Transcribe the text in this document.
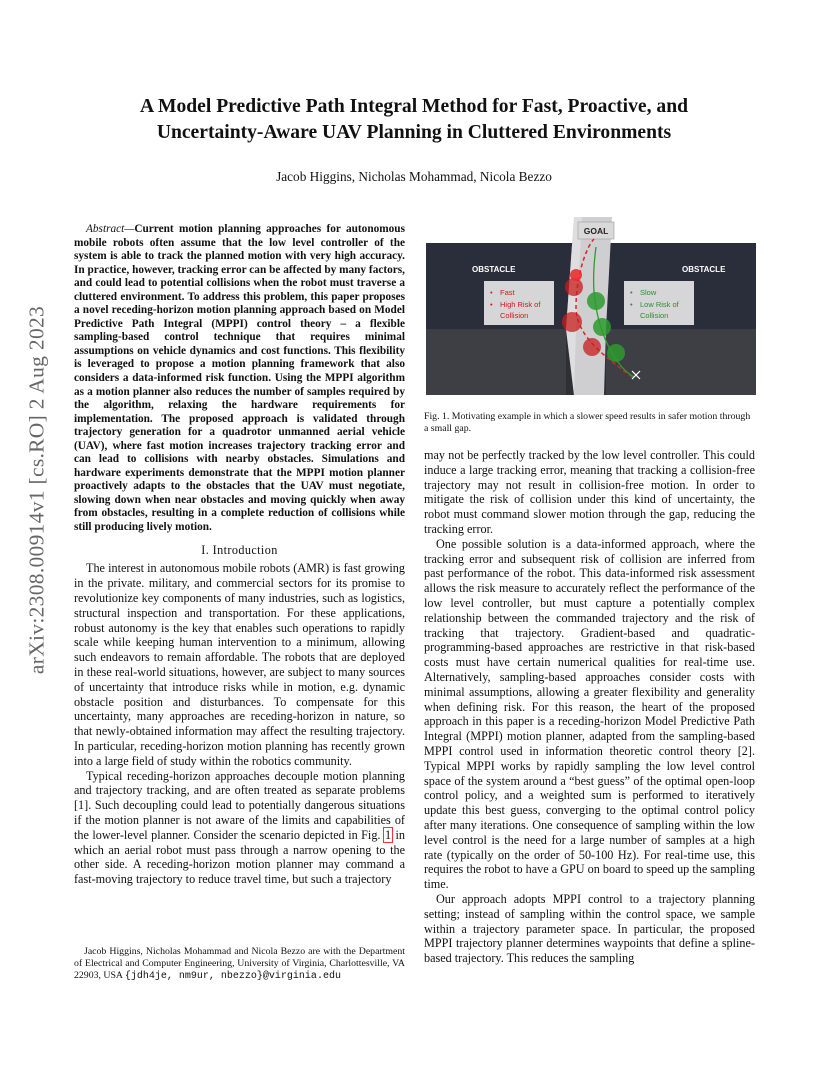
arXiv:2308.00914v1 [cs.RO] 2 Aug 2023
A Model Predictive Path Integral Method for Fast, Proactive, and
Uncertainty-Aware UAV Planning in Cluttered Environments
Jacob Higgins, Nicholas Mohammad, Nicola Bezzo
Abstract—Current motion planning approaches for autonomous mobile robots often assume that the low level controller of the system is able to track the planned motion with very high accuracy. In practice, however, tracking error can be affected by many factors, and could lead to potential collisions when the robot must traverse a cluttered environment. To address this problem, this paper proposes a novel receding-horizon motion planning approach based on Model Predictive Path Integral (MPPI) control theory – a flexible sampling-based control technique that requires minimal assumptions on vehicle dynamics and cost functions. This flexibility is leveraged to propose a motion planning framework that also considers a data-informed risk function. Using the MPPI algorithm as a motion planner also reduces the number of samples required by the algorithm, relaxing the hardware requirements for implementation. The proposed approach is validated through trajectory generation for a quadrotor unmanned aerial vehicle (UAV), where fast motion increases trajectory tracking error and can lead to collisions with nearby obstacles. Simulations and hardware experiments demonstrate that the MPPI motion planner proactively adapts to the obstacles that the UAV must negotiate, slowing down when near obstacles and moving quickly when away from obstacles, resulting in a complete reduction of collisions while still producing lively motion.
I. Introduction

The interest in autonomous mobile robots (AMR) is fast growing in the private. military, and commercial sectors for its promise to revolutionize key components of many industries, such as logistics, structural inspection and transportation. For these applications, robust autonomy is the key that enables such operations to rapidly scale while keeping human intervention to a minimum, allowing such endeavors to remain affordable. The robots that are deployed in these real-world situations, however, are subject to many sources of uncertainty that introduce risks while in motion, e.g. dynamic obstacle position and disturbances. To compensate for this uncertainty, many approaches are receding-horizon in nature, so that newly-obtained information may affect the resulting trajectory. In particular, receding-horizon motion planning has recently grown into a large field of study within the robotics community.

Typical receding-horizon approaches decouple motion planning and trajectory tracking, and are often treated as separate problems [1]. Such decoupling could lead to potentially dangerous situations if the motion planner is not aware of the limits and capabilities of the lower-level planner. Consider the scenario depicted in Fig. 1 in which an aerial robot must pass through a narrow opening to the other side. A receding-horizon motion planner may command a fast-moving trajectory to reduce travel time, but such a trajectory

Jacob Higgins, Nicholas Mohammad and Nicola Bezzo are with the Department of Electrical and Computer Engineering, University of Virginia, Charlottesville, VA 22903, USA {jdh4je, nm9ur, nbezzo}@virginia.edu
GOAL
OBSTACLE	OBSTACLE
• Fast
• High Risk of
Collision
• Slow
• Low Risk of
Collision
Fig. 1. Motivating example in which a slower speed results in safer motion through a small gap.

may not be perfectly tracked by the low level controller. This could induce a large tracking error, meaning that tracking a collision-free trajectory may not result in collision-free motion. In order to mitigate the risk of collision under this kind of uncertainty, the robot must command slower motion through the gap, reducing the tracking error.

One possible solution is a data-informed approach, where the tracking error and subsequent risk of collision are inferred from past performance of the robot. This data-informed risk assessment allows the risk measure to accurately reflect the performance of the low level controller, but must capture a potentially complex relationship between the commanded trajectory and the risk of tracking that trajectory. Gradient-based and quadratic-programming-based approaches are restrictive in that risk-based costs must have certain numerical qualities for real-time use. Alternatively, sampling-based approaches consider costs with minimal assumptions, allowing a greater flexibility and generality when defining risk. For this reason, the heart of the proposed approach in this paper is a receding-horizon Model Predictive Path Integral (MPPI) motion planner, adapted from the sampling-based MPPI control used in information theoretic control theory [2]. Typical MPPI works by rapidly sampling the low level control space of the system around a “best guess” of the optimal open-loop control policy, and a weighted sum is performed to iteratively update this best guess, converging to the optimal control policy after many iterations. One consequence of sampling within the low level control is the need for a large number of samples at a high rate (typically on the order of 50-100 Hz). For real-time use, this requires the robot to have a GPU on board to speed up the sampling time.

Our approach adopts MPPI control to a trajectory planning setting; instead of sampling within the control space, we sample within a trajectory parameter space. In particular, the proposed MPPI trajectory planner determines waypoints that define a spline-based trajectory. This reduces the sampling
